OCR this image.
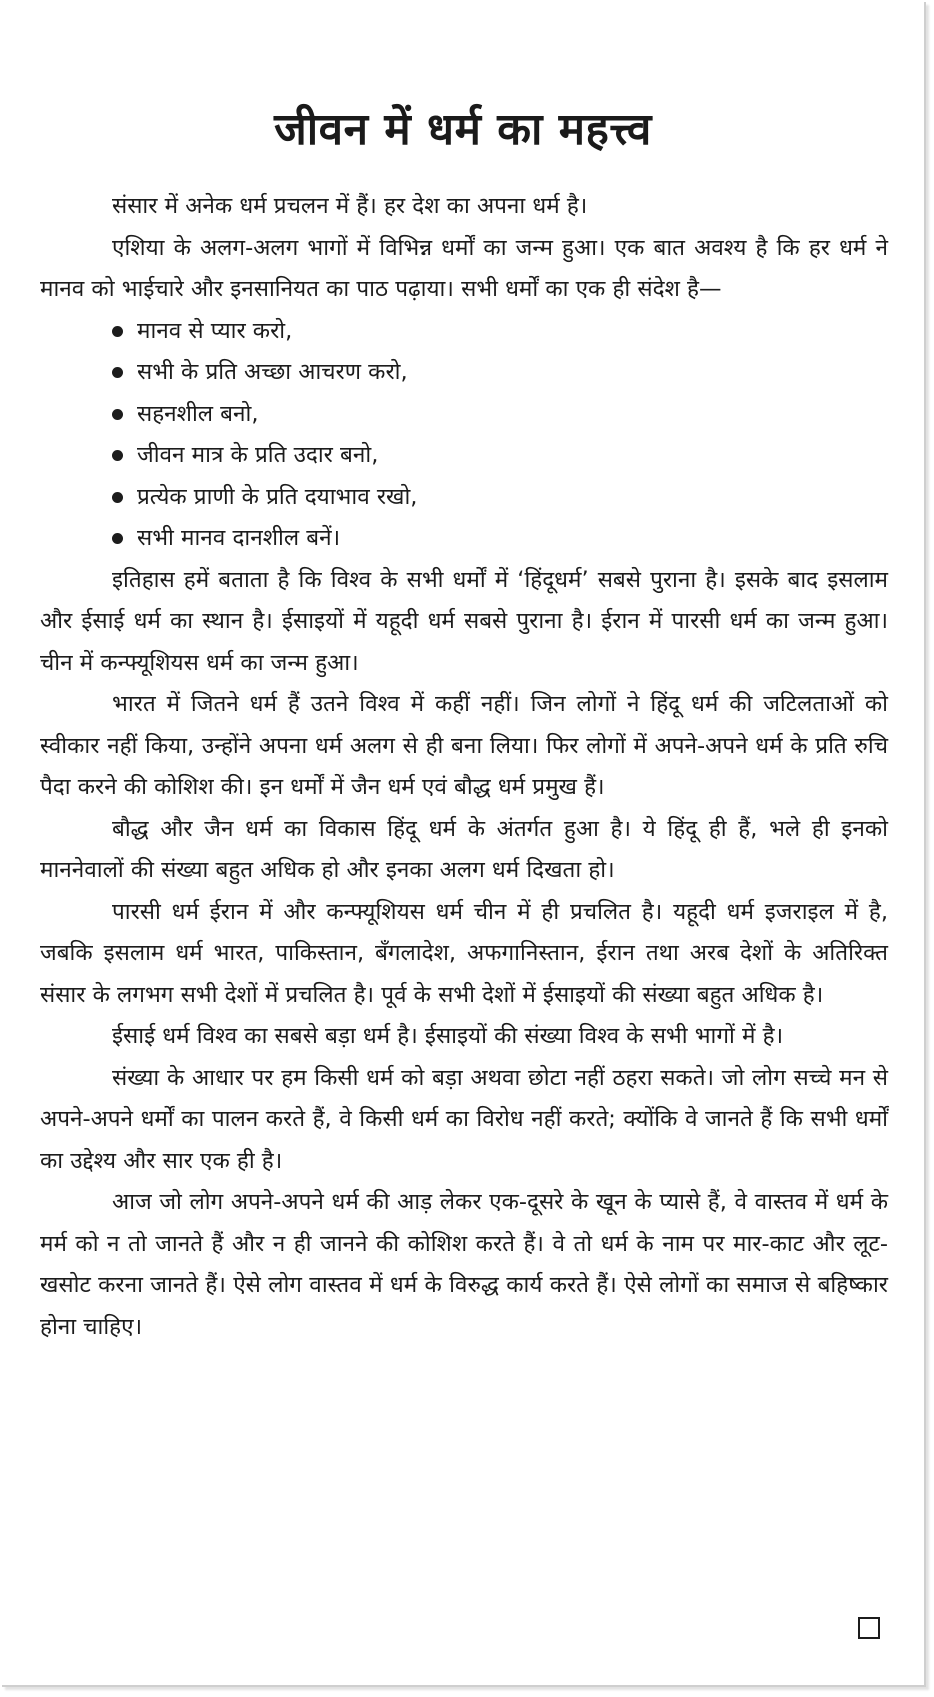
जीवन में धर्म का महत्त्व

संसार में अनेक धर्म प्रचलन में हैं। हर देश का अपना धर्म है।

एशिया के अलग-अलग भागों में विभिन्न धर्मों का जन्म हुआ। एक बात अवश्य है कि हर धर्म ने मानव को भाईचारे और इनसानियत का पाठ पढ़ाया। सभी धर्मों का एक ही संदेश है—

मानव से प्यार करो,
सभी के प्रति अच्छा आचरण करो,
सहनशील बनो,
जीवन मात्र के प्रति उदार बनो,
प्रत्येक प्राणी के प्रति दयाभाव रखो,
सभी मानव दानशील बनें।

इतिहास हमें बताता है कि विश्व के सभी धर्मों में ‘हिंदूधर्म’ सबसे पुराना है। इसके बाद इसलाम और ईसाई धर्म का स्थान है। ईसाइयों में यहूदी धर्म सबसे पुराना है। ईरान में पारसी धर्म का जन्म हुआ। चीन में कन्फ्यूशियस धर्म का जन्म हुआ।

भारत में जितने धर्म हैं उतने विश्व में कहीं नहीं। जिन लोगों ने हिंदू धर्म की जटिलताओं को स्वीकार नहीं किया, उन्होंने अपना धर्म अलग से ही बना लिया। फिर लोगों में अपने-अपने धर्म के प्रति रुचि पैदा करने की कोशिश की। इन धर्मों में जैन धर्म एवं बौद्ध धर्म प्रमुख हैं।

बौद्ध और जैन धर्म का विकास हिंदू धर्म के अंतर्गत हुआ है। ये हिंदू ही हैं, भले ही इनको माननेवालों की संख्या बहुत अधिक हो और इनका अलग धर्म दिखता हो।

पारसी धर्म ईरान में और कन्फ्यूशियस धर्म चीन में ही प्रचलित है। यहूदी धर्म इजराइल में है, जबकि इसलाम धर्म भारत, पाकिस्तान, बँगलादेश, अफगानिस्तान, ईरान तथा अरब देशों के अतिरिक्त संसार के लगभग सभी देशों में प्रचलित है। पूर्व के सभी देशों में ईसाइयों की संख्या बहुत अधिक है।

ईसाई धर्म विश्व का सबसे बड़ा धर्म है। ईसाइयों की संख्या विश्व के सभी भागों में है।

संख्या के आधार पर हम किसी धर्म को बड़ा अथवा छोटा नहीं ठहरा सकते। जो लोग सच्चे मन से अपने-अपने धर्मों का पालन करते हैं, वे किसी धर्म का विरोध नहीं करते; क्योंकि वे जानते हैं कि सभी धर्मों का उद्देश्य और सार एक ही है।

आज जो लोग अपने-अपने धर्म की आड़ लेकर एक-दूसरे के खून के प्यासे हैं, वे वास्तव में धर्म के मर्म को न तो जानते हैं और न ही जानने की कोशिश करते हैं। वे तो धर्म के नाम पर मार-काट और लूट-खसोट करना जानते हैं। ऐसे लोग वास्तव में धर्म के विरुद्ध कार्य करते हैं। ऐसे लोगों का समाज से बहिष्कार होना चाहिए।
